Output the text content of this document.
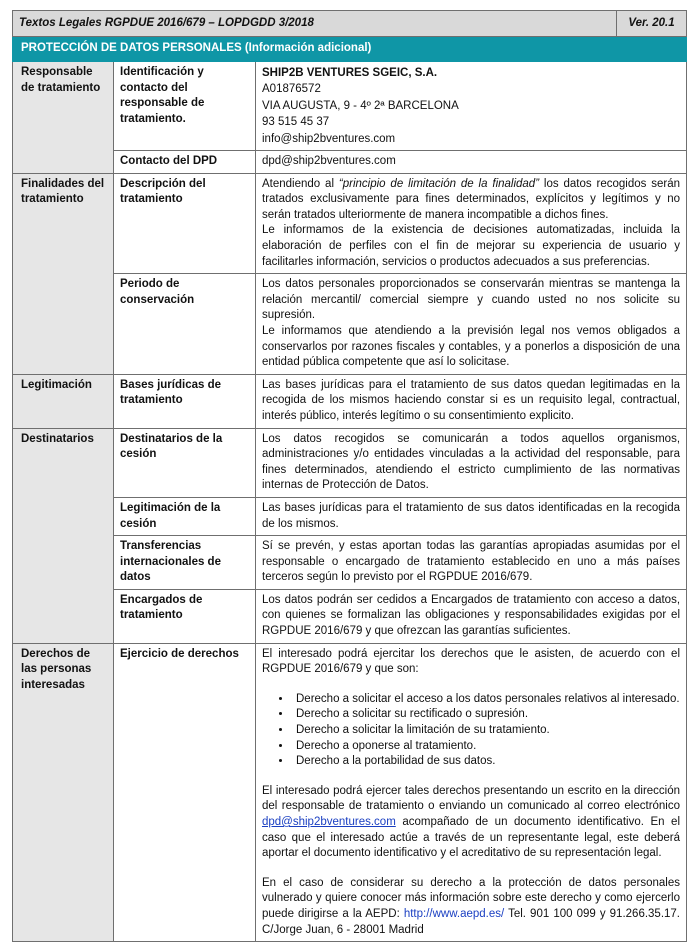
Textos Legales RGPDUE 2016/679 – LOPDGDD 3/2018	Ver. 20.1
PROTECCIÓN DE DATOS PERSONALES (Información adicional)		
Responsable de tratamiento	Identificación y contacto del responsable de tratamiento.	SHIP2B VENTURES SGEIC, S.A.
A01876572
VIA AUGUSTA, 9 - 4º 2ª BARCELONA
93 515 45 37
info@ship2bventures.com

	Contacto del DPD	dpd@ship2bventures.com
Finalidades del tratamiento	Descripción del tratamiento	Atendiendo al “principio de limitación de la finalidad” los datos recogidos serán tratados exclusivamente para fines determinados, explícitos y legítimos y no serán tratados ulteriormente de manera incompatible a dichos fines.

Le informamos de la existencia de decisiones automatizadas, incluida la elaboración de perfiles con el fin de mejorar su experiencia de usuario y facilitarles información, servicios o productos adecuados a sus preferencias.

	Periodo de conservación	Los datos personales proporcionados se conservarán mientras se mantenga la relación mercantil/ comercial siempre y cuando usted no nos solicite su supresión.

Le informamos que atendiendo a la previsión legal nos vemos obligados a conservarlos por razones fiscales y contables, y a ponerlos a disposición de una entidad pública competente que así lo solicitase.

Legitimación	Bases jurídicas de tratamiento	Las bases jurídicas para el tratamiento de sus datos quedan legitimadas en la recogida de los mismos haciendo constar si es un requisito legal, contractual, interés público, interés legítimo o su consentimiento explicito.
Destinatarios	Destinatarios de la cesión	Los datos recogidos se comunicarán a todos aquellos organismos, administraciones y/o entidades vinculadas a la actividad del responsable, para fines determinados, atendiendo el estricto cumplimiento de las normativas internas de Protección de Datos.
	Legitimación de la cesión	Las bases jurídicas para el tratamiento de sus datos identificadas en la recogida de los mismos.
	Transferencias internacionales de datos	Sí se prevén, y estas aportan todas las garantías apropiadas asumidas por el responsable o encargado de tratamiento establecido en uno a más países terceros según lo previsto por el RGPDUE 2016/679.
	Encargados de tratamiento	Los datos podrán ser cedidos a Encargados de tratamiento con acceso a datos, con quienes se formalizan las obligaciones y responsabilidades exigidas por el RGPDUE 2016/679 y que ofrezcan las garantías suficientes.
Derechos de las personas interesadas	Ejercicio de derechos	El interesado podrá ejercitar los derechos que le asisten, de acuerdo con el RGPDUE 2016/679 y que son:

• Derecho a solicitar el acceso a los datos personales relativos al interesado.
• Derecho a solicitar su rectificado o supresión.
• Derecho a solicitar la limitación de su tratamiento.
• Derecho a oponerse al tratamiento.
• Derecho a la portabilidad de sus datos.

El interesado podrá ejercer tales derechos presentando un escrito en la dirección del responsable de tratamiento o enviando un comunicado al correo electrónico dpd@ship2bventures.com acompañado de un documento identificativo. En el caso que el interesado actúe a través de un representante legal, este deberá aportar el documento identificativo y el acreditativo de su representación legal.

En el caso de considerar su derecho a la protección de datos personales vulnerado y quiere conocer más información sobre este derecho y como ejercerlo puede dirigirse a la AEPD: http://www.aepd.es/ Tel. 901 100 099 y 91.266.35.17. C/Jorge Juan, 6 - 28001 Madrid
